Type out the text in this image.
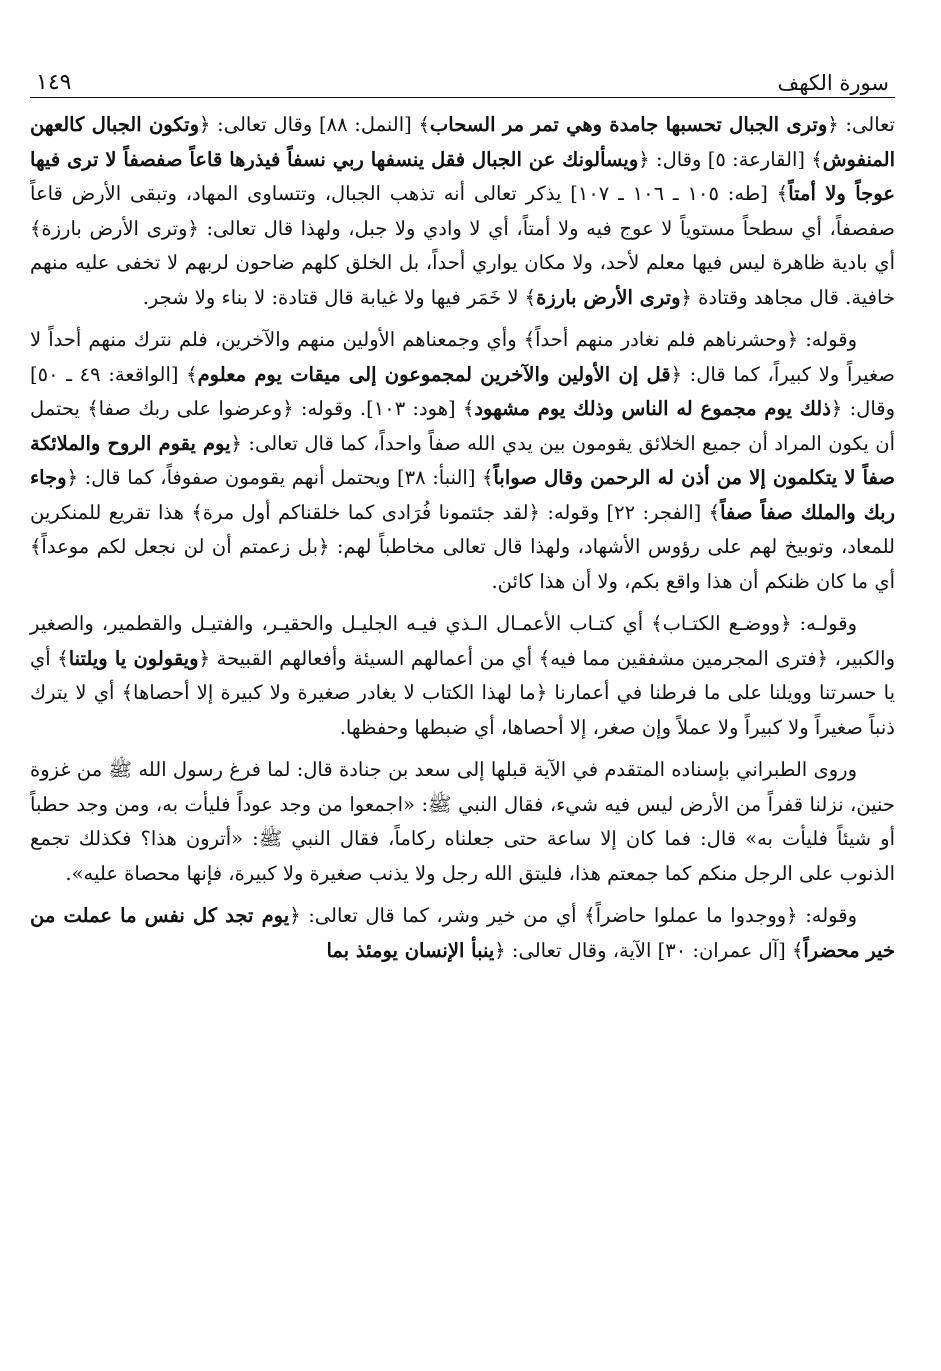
سورة الكهف
١٤٩

تعالى: ﴿وترى الجبال تحسبها جامدة وهي تمر مر السحاب﴾ [النمل: ٨٨] وقال تعالى: ﴿وتكون الجبال كالعهن المنفوش﴾ [القارعة: ٥] وقال: ﴿ويسألونك عن الجبال فقل ينسفها ربي نسفاً فيذرها قاعاً صفصفاً لا ترى فيها عوجاً ولا أمتاً﴾ [طه: ١٠٥ ـ ١٠٦ ـ ١٠٧] يذكر تعالى أنه تذهب الجبال، وتتساوى المهاد، وتبقى الأرض قاعاً صفصفاً، أي سطحاً مستوياً لا عوج فيه ولا أمتاً، أي لا وادي ولا جبل، ولهذا قال تعالى: ﴿وترى الأرض بارزة﴾ أي بادية ظاهرة ليس فيها معلم لأحد، ولا مكان يواري أحداً، بل الخلق كلهم ضاحون لربهم لا تخفى عليه منهم خافية. قال مجاهد وقتادة ﴿وترى الأرض بارزة﴾ لا خَمَر فيها ولا غيابة قال قتادة: لا بناء ولا شجر.

وقوله: ﴿وحشرناهم فلم نغادر منهم أحداً﴾ وأي وجمعناهم الأولين منهم والآخرين، فلم نترك منهم أحداً لا صغيراً ولا كبيراً، كما قال: ﴿قل إن الأولين والآخرين لمجموعون إلى ميقات يوم معلوم﴾ [الواقعة: ٤٩ ـ ٥٠] وقال: ﴿ذلك يوم مجموع له الناس وذلك يوم مشهود﴾ [هود: ١٠٣]. وقوله: ﴿وعرضوا على ربك صفا﴾ يحتمل أن يكون المراد أن جميع الخلائق يقومون بين يدي الله صفاً واحداً، كما قال تعالى: ﴿يوم يقوم الروح والملائكة صفاً لا يتكلمون إلا من أذن له الرحمن وقال صواباً﴾ [النبأ: ٣٨] ويحتمل أنهم يقومون صفوفاً، كما قال: ﴿وجاء ربك والملك صفاً صفاً﴾ [الفجر: ٢٢] وقوله: ﴿لقد جئتمونا فُرَادى كما خلقناكم أول مرة﴾ هذا تقريع للمنكرين للمعاد، وتوبيخ لهم على رؤوس الأشهاد، ولهذا قال تعالى مخاطباً لهم: ﴿بل زعمتم أن لن نجعل لكم موعداً﴾ أي ما كان ظنكم أن هذا واقع بكم، ولا أن هذا كائن.

وقولـه: ﴿ووضـع الكتـاب﴾ أي كتـاب الأعمـال الـذي فيـه الجليـل والحقيـر، والفتيـل والقطمير، والصغير والكبير، ﴿فترى المجرمين مشفقين مما فيه﴾ أي من أعمالهم السيئة وأفعالهم القبيحة ﴿ويقولون يا ويلتنا﴾ أي يا حسرتنا وويلنا على ما فرطنا في أعمارنا ﴿ما لهذا الكتاب لا يغادر صغيرة ولا كبيرة إلا أحصاها﴾ أي لا يترك ذنباً صغيراً ولا كبيراً ولا عملاً وإن صغر، إلا أحصاها، أي ضبطها وحفظها.

وروى الطبراني بإسناده المتقدم في الآية قبلها إلى سعد بن جنادة قال: لما فرغ رسول الله ﷺ من غزوة حنين، نزلنا قفراً من الأرض ليس فيه شيء، فقال النبي ﷺ: «اجمعوا من وجد عوداً فليأت به، ومن وجد حطباً أو شيئاً فليأت به» قال: فما كان إلا ساعة حتى جعلناه ركاماً، فقال النبي ﷺ: «أترون هذا؟ فكذلك تجمع الذنوب على الرجل منكم كما جمعتم هذا، فليتق الله رجل ولا يذنب صغيرة ولا كبيرة، فإنها محصاة عليه».

وقوله: ﴿ووجدوا ما عملوا حاضراً﴾ أي من خير وشر، كما قال تعالى: ﴿يوم تجد كل نفس ما عملت من خير محضراً﴾ [آل عمران: ٣٠] الآية، وقال تعالى: ﴿ينبأ الإنسان يومئذ بما
